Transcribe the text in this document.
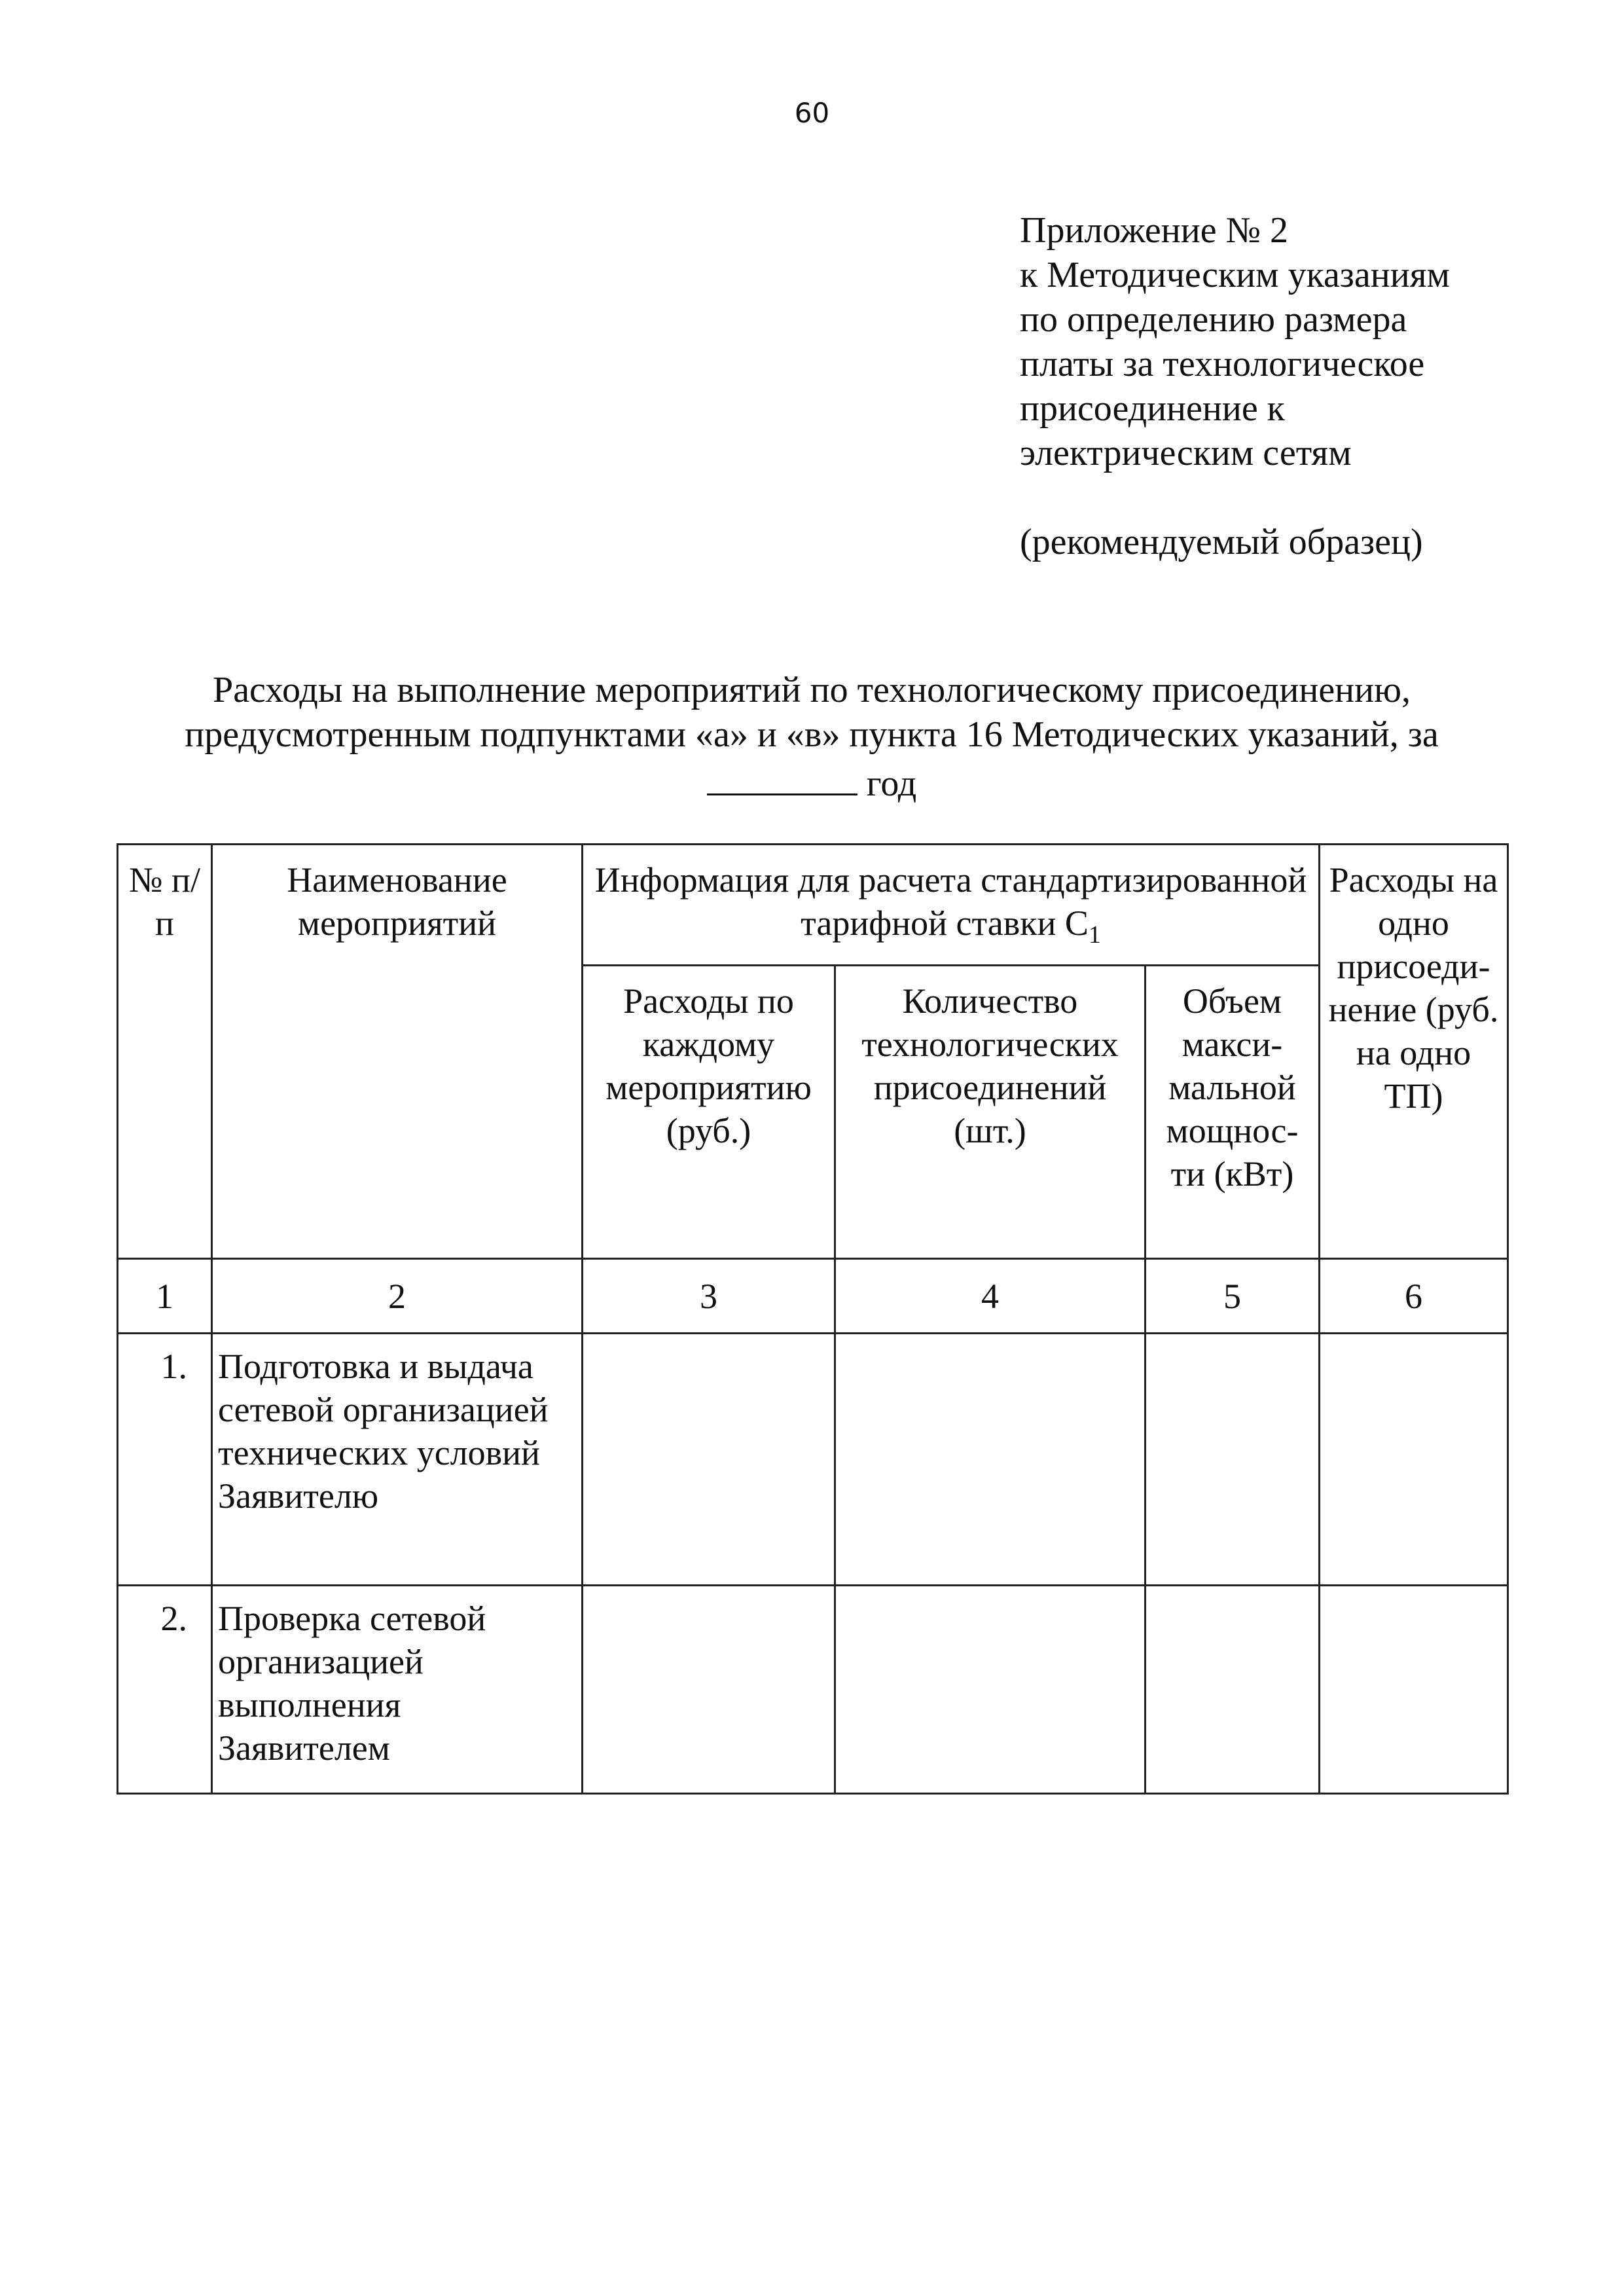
60
Приложение № 2
к Методическим указаниям
по определению размера
платы за технологическое
присоединение к
электрическим сетям
(рекомендуемый образец)
Расходы на выполнение мероприятий по технологическому присоединению,
предусмотренным подпунктами «а» и «в» пункта 16 Методических указаний, за
год
№ п/п	Наименование мероприятий	Информация для расчета стандартизированной тарифной ставки $С_1$			Расходы на одно присоеди-нение (руб. на одно ТП)
		Расходы по каждому мероприятию (руб.)	Количество технологических присоединений (шт.)	Объем макси-мальной мощнос-ти (кВт)	
1	2	3	4	5	6
1.	Подготовка и выдача сетевой организацией технических условий Заявителю				
2.	Проверка сетевой организацией выполнения Заявителем				
